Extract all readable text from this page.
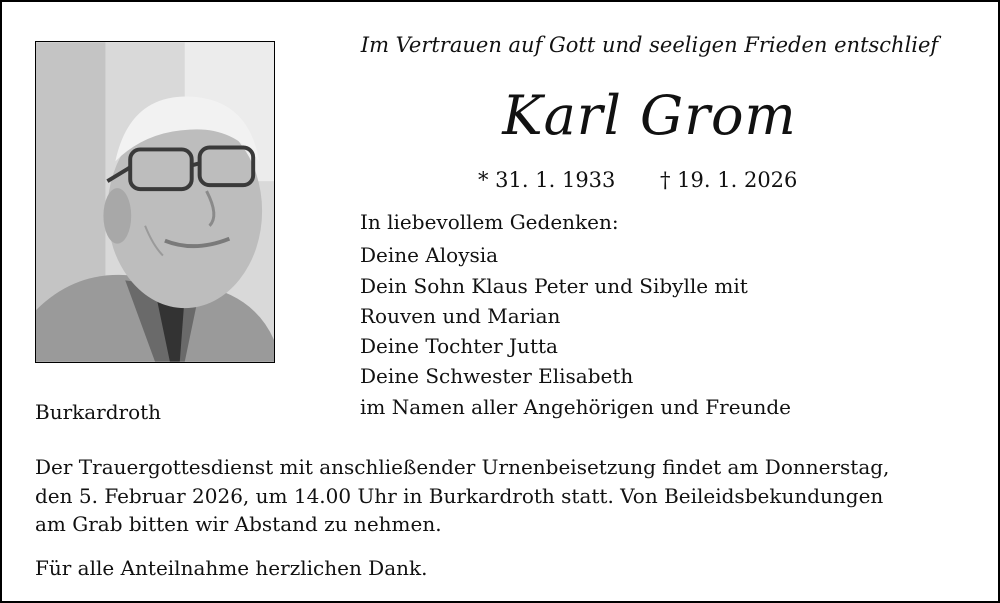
Im Vertrauen auf Gott und seeligen Frieden entschlief
Karl Grom
* 31. 1. 1933 † 19. 1. 2026
In liebevollem Gedenken:
Deine Aloysia
Dein Sohn Klaus Peter und Sibylle mit
Rouven und Marian
Deine Tochter Jutta
Deine Schwester Elisabeth
im Namen aller Angehörigen und Freunde
Burkardroth

Der Trauergottesdienst mit anschließender Urnenbeisetzung findet am Donnerstag,
den 5. Februar 2026, um 14.00 Uhr in Burkardroth statt. Von Beileidsbekundungen
am Grab bitten wir Abstand zu nehmen.

Für alle Anteilnahme herzlichen Dank.
